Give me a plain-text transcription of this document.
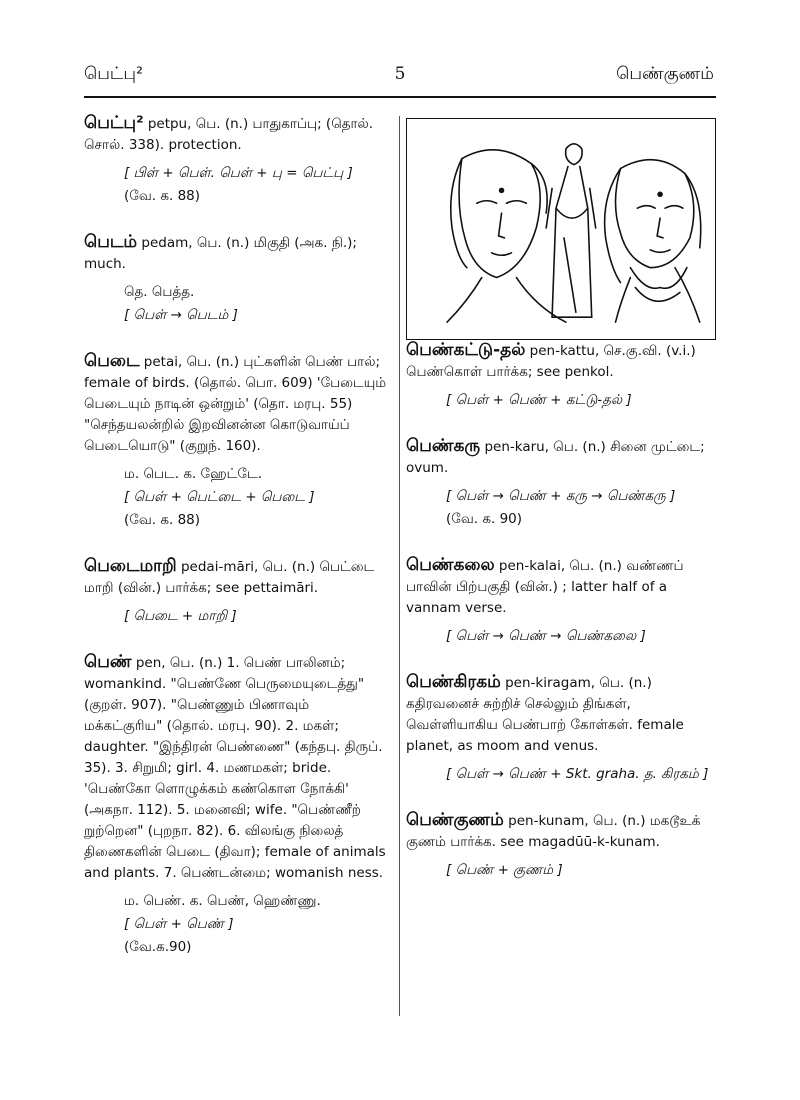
பெட்பு²	5	பெண்குணம்
பெட்பு² petpu, பெ. (n.) பாதுகாப்பு; (தொல். சொல். 338). protection.
[ பிள் + பெள். பெள் + பு = பெட்பு ]
(வே. க. 88)
பெடம் pedam, பெ. (n.) மிகுதி (அக. நி.); much.
தெ. பெத்த.
[ பெள் → பெடம் ]
பெடை petai, பெ. (n.) புட்களின் பெண் பால்; female of birds. (தொல். பொ. 609) 'பேடையும் பெடையும் நாடின் ஒன்றும்' (தொ. மரபு. 55) "செந்தயலன்றில் இறவினன்ன கொடுவாய்ப் பெடையொடு" (குறுந். 160).
ம. பெட. க. ஹேட்டே.
[ பெள் + பெட்டை + பெடை ]
(வே. க. 88)
பெடைமாறி pedai-māri, பெ. (n.) பெட்டை மாறி (வின்.) பார்க்க; see pettaimāri.
[ பெடை + மாறி ]
பெண் pen, பெ. (n.) 1. பெண் பாலினம்; womankind. "பெண்ணே பெருமையுடைத்து" (குறள். 907). "பெண்ணும் பிணாவும் மக்கட்குரிய" (தொல். மரபு. 90). 2. மகள்; daughter. "இந்திரன் பெண்ணை" (கந்தபு. திருப். 35). 3. சிறுமி; girl. 4. மணமகள்; bride. 'பெண்கோ ளொழுக்கம் கண்கொள நோக்கி' (அகநா. 112). 5. மனைவி; wife. "பெண்ணீற் றுற்றென" (புறநா. 82). 6. விலங்கு நிலைத் திணைகளின் பெடை (திவா); female of animals and plants. 7. பெண்டன்மை; womanish ness.
ம. பெண். க. பெண், ஹெண்ணு.
[ பெள் + பெண் ]
(வே.க.90)
பெண்கட்டு-தல் pen-kattu, செ.கு.வி. (v.i.) பெண்கொள் பார்க்க; see penkol.
[ பெள் + பெண் + கட்டு-தல் ]
பெண்கரு pen-karu, பெ. (n.) சினை முட்டை; ovum.
[ பெள் → பெண் + கரு → பெண்கரு ]
(வே. க. 90)
பெண்கலை pen-kalai, பெ. (n.) வண்ணப் பாவின் பிற்பகுதி (வின்.) ; latter half of a vannam verse.
[ பெள் → பெண் → பெண்கலை ]
பெண்கிரகம் pen-kiragam, பெ. (n.) கதிரவனைச் சுற்றிச் செல்லும் திங்கள், வெள்ளியாகிய பெண்பாற் கோள்கள். female planet, as moom and venus.
[ பெள் → பெண் + Skt. graha. த. கிரகம் ]
பெண்குணம் pen-kunam, பெ. (n.) மகடூஉக் குணம் பார்க்க. see magadūū-k-kunam.
[ பெண் + குணம் ]
